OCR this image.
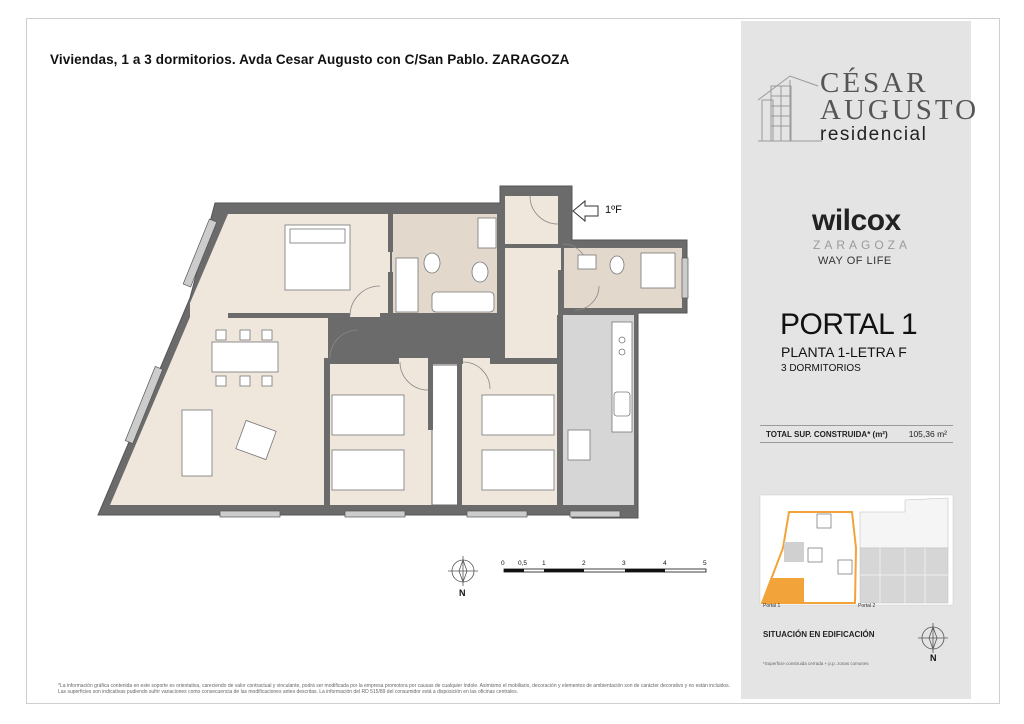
Viviendas, 1 a 3 dormitorios. Avda Cesar Augusto con C/San Pablo. ZARAGOZA
CÉSAR
AUGUSTO
residencial
wilcox
ZARAGOZA
WAY OF LIFE
PORTAL 1
PLANTA 1-LETRA F
3 DORMITORIOS
TOTAL SUP. CONSTRUIDA* (m²) 105,36 m²
1ºF
0 0,5 1	2	3	4	5
N
N
Portal 1	Portal 2
SITUACIÓN EN EDIFICACIÓN
*Superficie construida cerrada + p.p. zonas comunes
*La información gráfica contenida en este soporte es orientativa, careciendo de valor contractual y vinculante, podrá ser modificada por la empresa promotora por causas de cualquier índole. Asimismo el mobiliario, decoración y elementos de ambientación son de carácter decorativo y no están incluidos. Las superficies son indicativas pudiendo sufrir variaciones como consecuencia de las modificaciones antes descritas. La información del RD 515/89 del consumidor está a disposición en las oficinas centrales.
